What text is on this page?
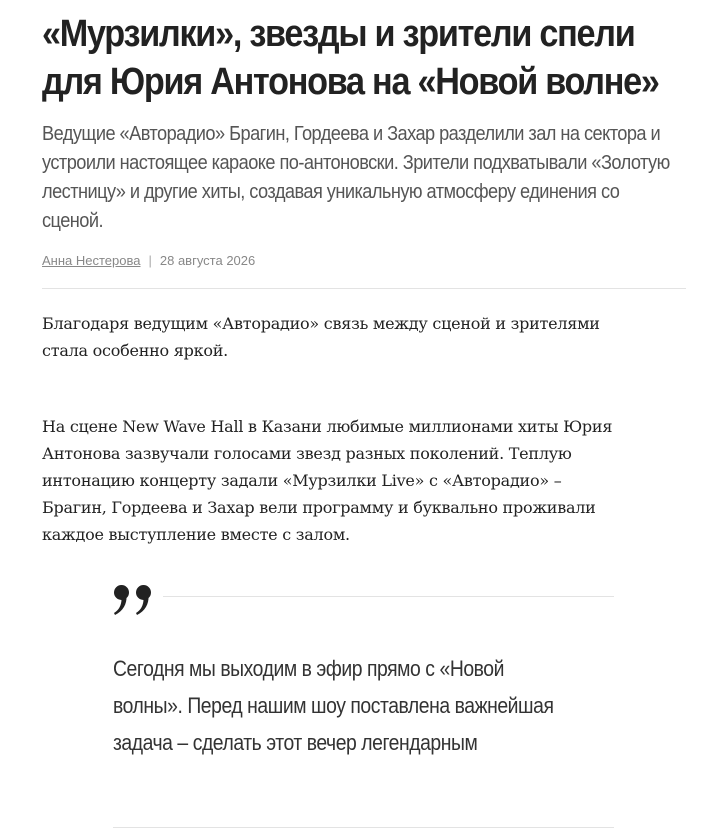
«Мурзилки», звезды и зрители спели
для Юрия Антонова на «Новой волне»

Ведущие «Авторадио» Брагин, Гордеева и Захар разделили зал на сектора и
устроили настоящее караоке по-антоновски. Зрители подхватывали «Золотую
лестницу» и другие хиты, создавая уникальную атмосферу единения со
сценой.

Анна Нестерова | 28 августа 2026

Благодаря ведущим «Авторадио» связь между сценой и зрителями
стала особенно яркой.

На сцене New Wave Hall в Казани любимые миллионами хиты Юрия
Антонова зазвучали голосами звезд разных поколений. Теплую
интонацию концерту задали «Мурзилки Live» с «Авторадио» –
Брагин, Гордеева и Захар вели программу и буквально проживали
каждое выступление вместе с залом.

Сегодня мы выходим в эфир прямо с «Новой
волны». Перед нашим шоу поставлена важнейшая
задача – сделать этот вечер легендарным
